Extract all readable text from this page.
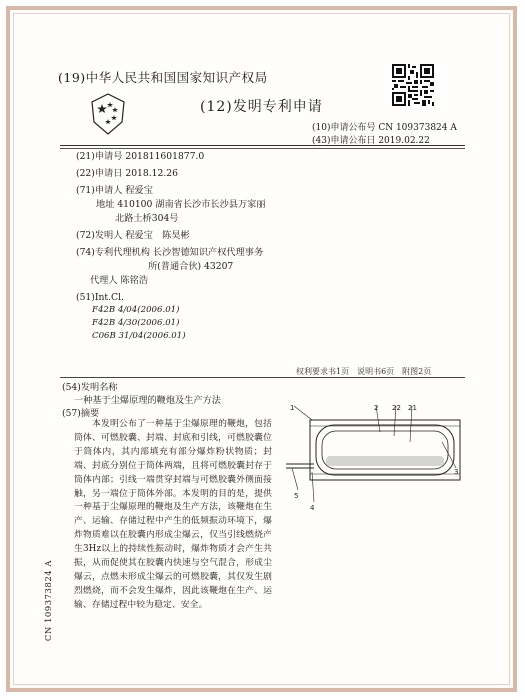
(19)中华人民共和国国家知识产权局
(12)发明专利申请
(10)申请公布号 CN 109373824 A
(43)申请公布日 2019.02.22
(21)申请号 201811601877.0
(22)申请日 2018.12.26
(71)申请人 程爱宝
地址 410100 湖南省长沙市长沙县万家丽
北路土桥304号
(72)发明人 程爱宝　陈昊彬
(74)专利代理机构 长沙智德知识产权代理事务
所(普通合伙) 43207
代理人 陈铭浩
(51)Int.Cl.
F42B 4/04(2006.01)
F42B 4/30(2006.01)
C06B 31/04(2006.01)
权利要求书1页　说明书6页　附图2页
(54)发明名称
一种基于尘爆原理的鞭炮及生产方法
(57)摘要
本发明公布了一种基于尘爆原理的鞭炮，包括筒体、可燃胶囊、封端、封底和引线，可燃胶囊位于筒体内，其内部填充有部分爆炸粉状物质；封端、封底分别位于筒体两端，且将可燃胶囊封存于筒体内部；引线一端贯穿封端与可燃胶囊外侧面接触，另一端位于筒体外部。本发明的目的是，提供一种基于尘爆原理的鞭炮及生产方法，该鞭炮在生产、运输、存储过程中产生的低频振动环境下，爆炸物质难以在胶囊内形成尘爆云，仅当引线燃烧产生3Hz以上的持续性振动时，爆炸物质才会产生共振，从而促使其在胶囊内快速与空气混合，形成尘爆云，点燃未形成尘爆云的可燃胶囊，其仅发生剧烈燃烧，而不会发生爆炸，因此该鞭炮在生产、运输、存储过程中较为稳定、安全。
CN 109373824 A
1	2 22 21
3
5
4
